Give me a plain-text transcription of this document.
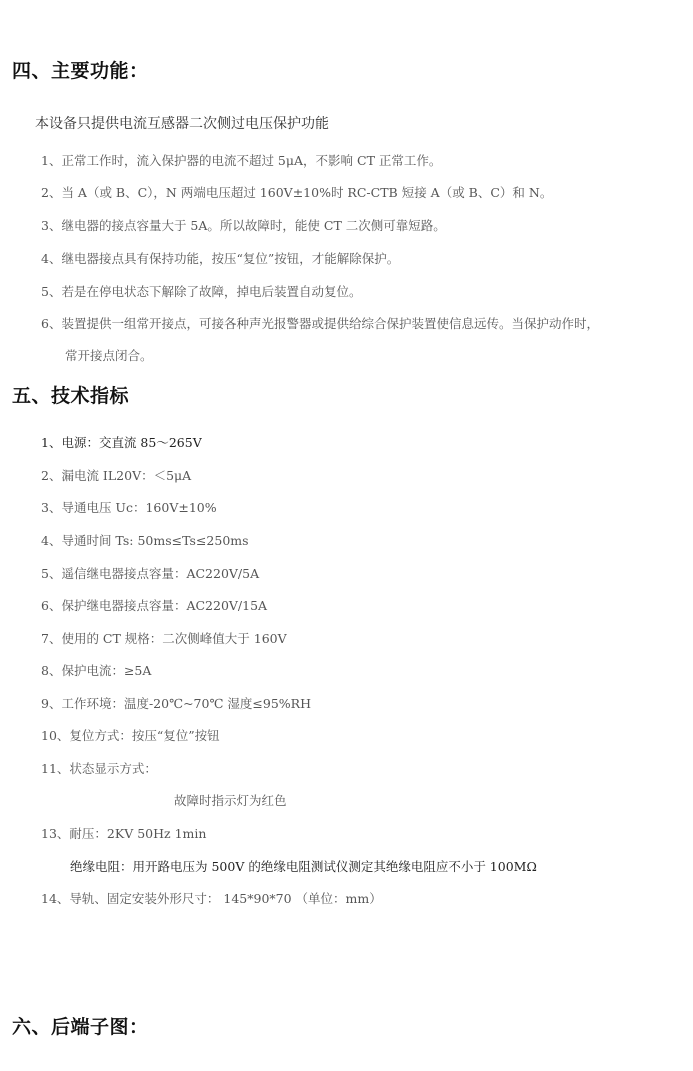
四、主要功能：
本设备只提供电流互感器二次侧过电压保护功能
1、正常工作时，流入保护器的电流不超过 5μA，不影响 CT 正常工作。
2、当 A（或 B、C），N 两端电压超过 160V±10%时 RC-CTB 短接 A（或 B、C）和 N。
3、继电器的接点容量大于 5A。所以故障时，能使 CT 二次侧可靠短路。
4、继电器接点具有保持功能，按压“复位”按钮，才能解除保护。
5、若是在停电状态下解除了故障，掉电后装置自动复位。
6、装置提供一组常开接点，可接各种声光报警器或提供给综合保护装置使信息远传。当保护动作时，
常开接点闭合。
五、技术指标
1、电源：交直流 85～265V
2、漏电流 IL20V：＜5μA
3、导通电压 Uc：160V±10%
4、导通时间 Ts: 50ms≤Ts≤250ms
5、遥信继电器接点容量：AC220V/5A
6、保护继电器接点容量：AC220V/15A
7、使用的 CT 规格：二次侧峰值大于 160V
8、保护电流：≥5A
9、工作环境：温度-20℃~70℃ 湿度≤95%RH
10、复位方式：按压“复位”按钮
11、状态显示方式：
故障时指示灯为红色
13、耐压：2KV 50Hz 1min
绝缘电阻：用开路电压为 500V 的绝缘电阻测试仪测定其绝缘电阻应不小于 100MΩ
14、导轨、固定安装外形尺寸： 145*90*70 （单位：mm）
六、后端子图：
